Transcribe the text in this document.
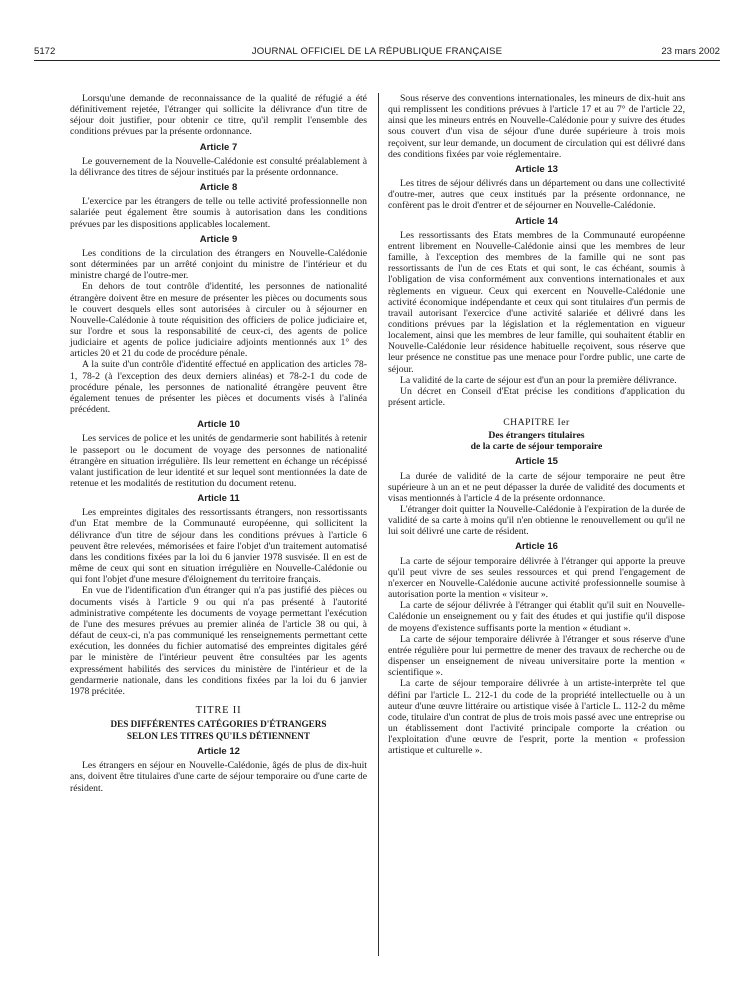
5172	JOURNAL OFFICIEL DE LA RÉPUBLIQUE FRANÇAISE	23 mars 2002

Lorsqu'une demande de reconnaissance de la qualité de réfugié a été définitivement rejetée, l'étranger qui sollicite la délivrance d'un titre de séjour doit justifier, pour obtenir ce titre, qu'il remplit l'ensemble des conditions prévues par la présente ordonnance.

Article 7

Le gouvernement de la Nouvelle-Calédonie est consulté préalablement à la délivrance des titres de séjour institués par la présente ordonnance.

Article 8

L'exercice par les étrangers de telle ou telle activité professionnelle non salariée peut également être soumis à autorisation dans les conditions prévues par les dispositions applicables localement.

Article 9

Les conditions de la circulation des étrangers en Nouvelle-Calédonie sont déterminées par un arrêté conjoint du ministre de l'intérieur et du ministre chargé de l'outre-mer.

En dehors de tout contrôle d'identité, les personnes de nationalité étrangère doivent être en mesure de présenter les pièces ou documents sous le couvert desquels elles sont autorisées à circuler ou à séjourner en Nouvelle-Calédonie à toute réquisition des officiers de police judiciaire et, sur l'ordre et sous la responsabilité de ceux-ci, des agents de police judiciaire et agents de police judiciaire adjoints mentionnés aux 1° des articles 20 et 21 du code de procédure pénale.

A la suite d'un contrôle d'identité effectué en application des articles 78-1, 78-2 (à l'exception des deux derniers alinéas) et 78-2-1 du code de procédure pénale, les personnes de nationalité étrangère peuvent être également tenues de présenter les pièces et documents visés à l'alinéa précédent.

Article 10

Les services de police et les unités de gendarmerie sont habilités à retenir le passeport ou le document de voyage des personnes de nationalité étrangère en situation irrégulière. Ils leur remettent en échange un récépissé valant justification de leur identité et sur lequel sont mentionnées la date de retenue et les modalités de restitution du document retenu.

Article 11

Les empreintes digitales des ressortissants étrangers, non ressortissants d'un Etat membre de la Communauté européenne, qui sollicitent la délivrance d'un titre de séjour dans les conditions prévues à l'article 6 peuvent être relevées, mémorisées et faire l'objet d'un traitement automatisé dans les conditions fixées par la loi du 6 janvier 1978 susvisée. Il en est de même de ceux qui sont en situation irrégulière en Nouvelle-Calédonie ou qui font l'objet d'une mesure d'éloignement du territoire français.

En vue de l'identification d'un étranger qui n'a pas justifié des pièces ou documents visés à l'article 9 ou qui n'a pas présenté à l'autorité administrative compétente les documents de voyage permettant l'exécution de l'une des mesures prévues au premier alinéa de l'article 38 ou qui, à défaut de ceux-ci, n'a pas communiqué les renseignements permettant cette exécution, les données du fichier automatisé des empreintes digitales géré par le ministère de l'intérieur peuvent être consultées par les agents expressément habilités des services du ministère de l'intérieur et de la gendarmerie nationale, dans les conditions fixées par la loi du 6 janvier 1978 précitée.

TITRE II

DES DIFFÉRENTES CATÉGORIES D'ÉTRANGERS

SELON LES TITRES QU'ILS DÉTIENNENT

Article 12

Les étrangers en séjour en Nouvelle-Calédonie, âgés de plus de dix-huit ans, doivent être titulaires d'une carte de séjour temporaire ou d'une carte de résident.

Sous réserve des conventions internationales, les mineurs de dix-huit ans qui remplissent les conditions prévues à l'article 17 et au 7° de l'article 22, ainsi que les mineurs entrés en Nouvelle-Calédonie pour y suivre des études sous couvert d'un visa de séjour d'une durée supérieure à trois mois reçoivent, sur leur demande, un document de circulation qui est délivré dans des conditions fixées par voie réglementaire.

Article 13

Les titres de séjour délivrés dans un département ou dans une collectivité d'outre-mer, autres que ceux institués par la présente ordonnance, ne confèrent pas le droit d'entrer et de séjourner en Nouvelle-Calédonie.

Article 14

Les ressortissants des Etats membres de la Communauté européenne entrent librement en Nouvelle-Calédonie ainsi que les membres de leur famille, à l'exception des membres de la famille qui ne sont pas ressortissants de l'un de ces Etats et qui sont, le cas échéant, soumis à l'obligation de visa conformément aux conventions internationales et aux règlements en vigueur. Ceux qui exercent en Nouvelle-Calédonie une activité économique indépendante et ceux qui sont titulaires d'un permis de travail autorisant l'exercice d'une activité salariée et délivré dans les conditions prévues par la législation et la réglementation en vigueur localement, ainsi que les membres de leur famille, qui souhaitent établir en Nouvelle-Calédonie leur résidence habituelle reçoivent, sous réserve que leur présence ne constitue pas une menace pour l'ordre public, une carte de séjour.

La validité de la carte de séjour est d'un an pour la première délivrance.

Un décret en Conseil d'Etat précise les conditions d'application du présent article.

CHAPITRE Ier

Des étrangers titulaires

de la carte de séjour temporaire

Article 15

La durée de validité de la carte de séjour temporaire ne peut être supérieure à un an et ne peut dépasser la durée de validité des documents et visas mentionnés à l'article 4 de la présente ordonnance.

L'étranger doit quitter la Nouvelle-Calédonie à l'expiration de la durée de validité de sa carte à moins qu'il n'en obtienne le renouvellement ou qu'il ne lui soit délivré une carte de résident.

Article 16

La carte de séjour temporaire délivrée à l'étranger qui apporte la preuve qu'il peut vivre de ses seules ressources et qui prend l'engagement de n'exercer en Nouvelle-Calédonie aucune activité professionnelle soumise à autorisation porte la mention « visiteur ».

La carte de séjour délivrée à l'étranger qui établit qu'il suit en Nouvelle-Calédonie un enseignement ou y fait des études et qui justifie qu'il dispose de moyens d'existence suffisants porte la mention « étudiant ».

La carte de séjour temporaire délivrée à l'étranger et sous réserve d'une entrée régulière pour lui permettre de mener des travaux de recherche ou de dispenser un enseignement de niveau universitaire porte la mention « scientifique ».

La carte de séjour temporaire délivrée à un artiste-interprète tel que défini par l'article L. 212-1 du code de la propriété intellectuelle ou à un auteur d'une œuvre littéraire ou artistique visée à l'article L. 112-2 du même code, titulaire d'un contrat de plus de trois mois passé avec une entreprise ou un établissement dont l'activité principale comporte la création ou l'exploitation d'une œuvre de l'esprit, porte la mention « profession artistique et culturelle ».
